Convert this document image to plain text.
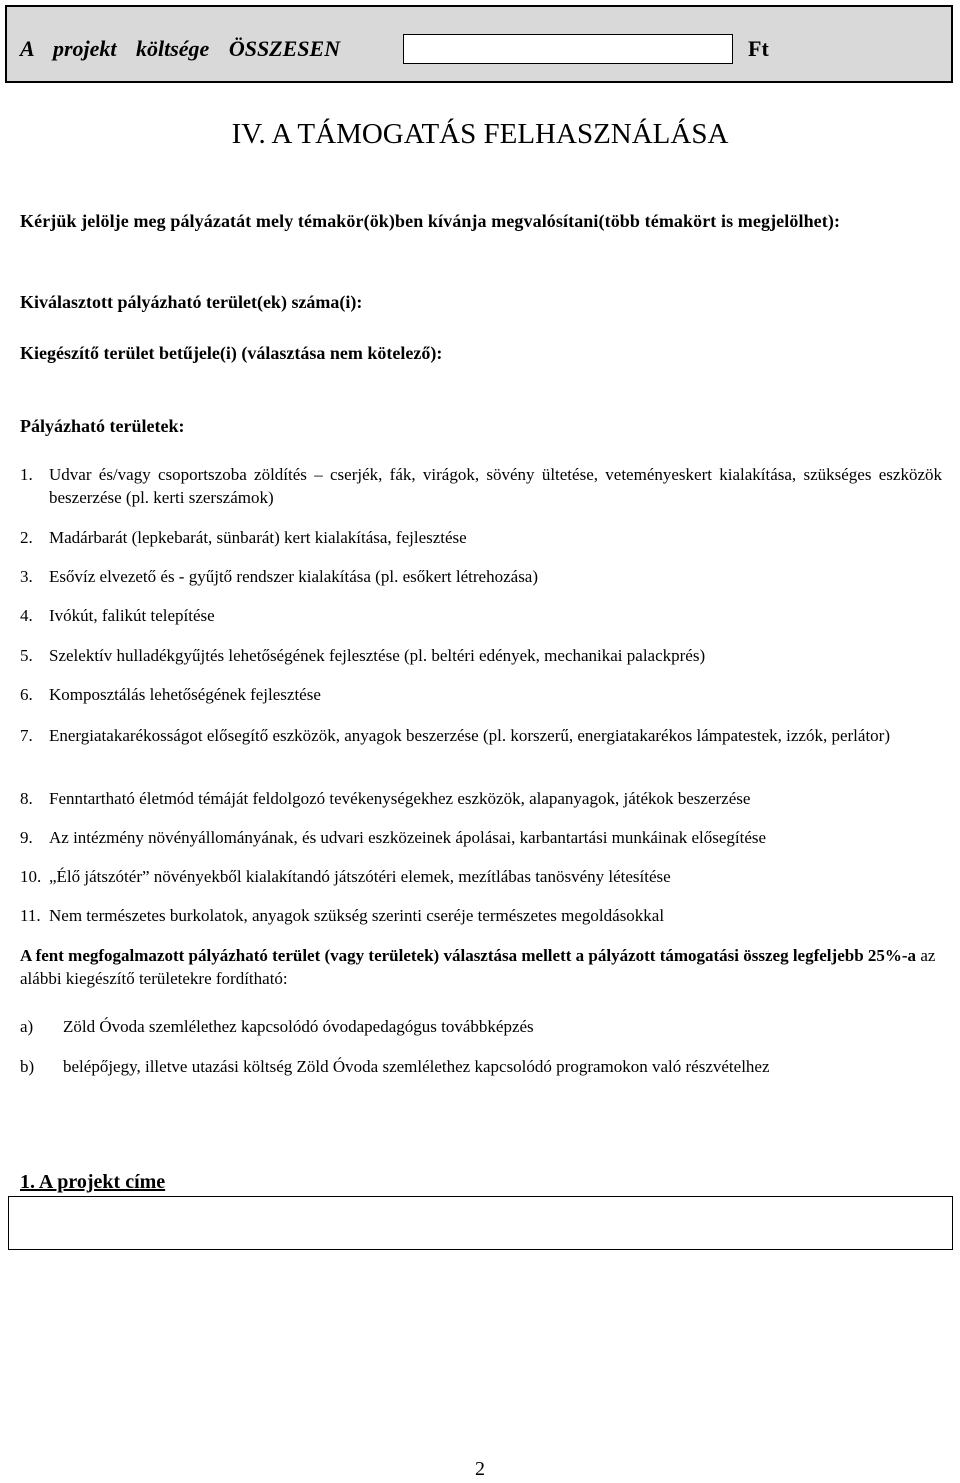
A projekt költsége ÖSSZESEN	Ft
IV. A TÁMOGATÁS FELHASZNÁLÁSA
Kérjük jelölje meg pályázatát mely témakör(ök)ben kívánja megvalósítani(több témakört is megjelölhet):
Kiválasztott pályázható terület(ek) száma(i):
Kiegészítő terület betűjele(i) (választása nem kötelező):
Pályázható területek:
1. Udvar és/vagy csoportszoba zöldítés – cserjék, fák, virágok, sövény ültetése, veteményeskert kialakítása, szükséges eszközök beszerzése (pl. kerti szerszámok)
2. Madárbarát (lepkebarát, sünbarát) kert kialakítása, fejlesztése
3. Esővíz elvezető és - gyűjtő rendszer kialakítása (pl. esőkert létrehozása)
4. Ivókút, falikút telepítése
5. Szelektív hulladékgyűjtés lehetőségének fejlesztése (pl. beltéri edények, mechanikai palackprés)
6. Komposztálás lehetőségének fejlesztése
7. Energiatakarékosságot elősegítő eszközök, anyagok beszerzése (pl. korszerű, energiatakarékos lámpatestek, izzók, perlátor)
8. Fenntartható életmód témáját feldolgozó tevékenységekhez eszközök, alapanyagok, játékok beszerzése
9. Az intézmény növényállományának, és udvari eszközeinek ápolásai, karbantartási munkáinak elősegítése
10. „Élő játszótér” növényekből kialakítandó játszótéri elemek, mezítlábas tanösvény létesítése
11. Nem természetes burkolatok, anyagok szükség szerinti cseréje természetes megoldásokkal
A fent megfogalmazott pályázható terület (vagy területek) választása mellett a pályázott támogatási összeg legfeljebb 25%-a az alábbi kiegészítő területekre fordítható:
a) Zöld Óvoda szemlélethez kapcsolódó óvodapedagógus továbbképzés
b) belépőjegy, illetve utazási költség Zöld Óvoda szemlélethez kapcsolódó programokon való részvételhez
1. A projekt címe
2
